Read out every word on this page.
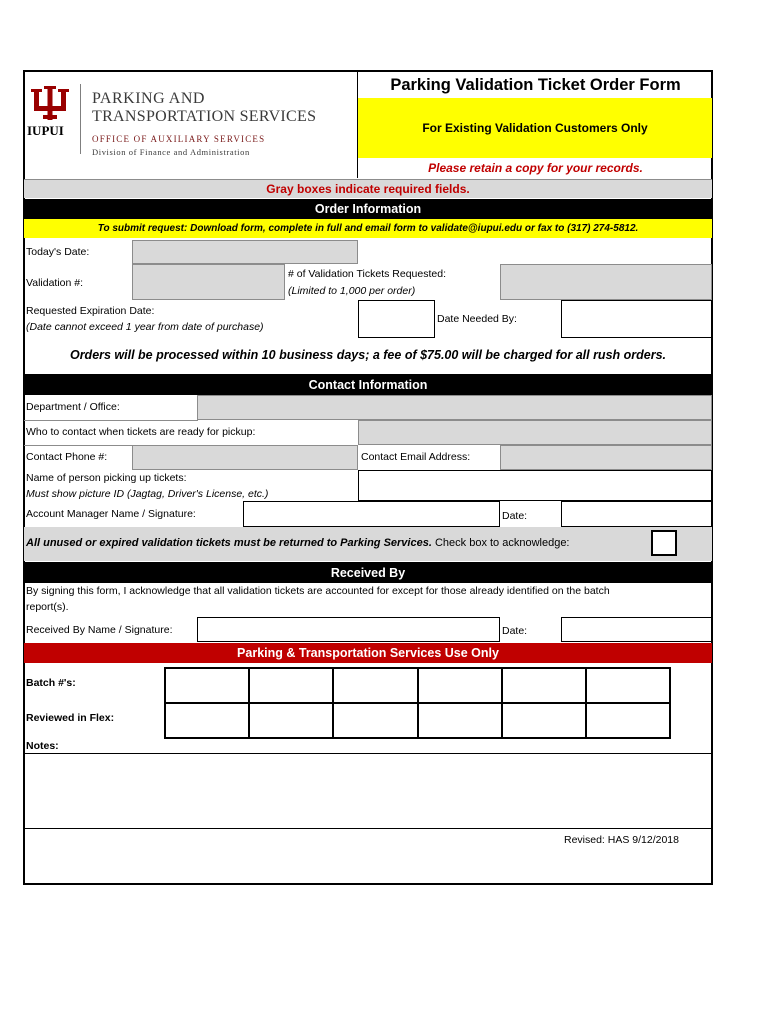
IUPUI
PARKING AND
TRANSPORTATION SERVICES
OFFICE OF AUXILIARY SERVICES
Division of Finance and Administration
Parking Validation Ticket Order Form
For Existing Validation Customers Only
Please retain a copy for your records.
Gray boxes indicate required fields.
Order Information
To submit request: Download form, complete in full and email form to validate@iupui.edu or fax to (317) 274-5812.
Today's Date:
Validation #:
# of Validation Tickets Requested:
(Limited to 1,000 per order)
Requested Expiration Date:
(Date cannot exceed 1 year from date of purchase)
Date Needed By:
Orders will be processed within 10 business days; a fee of $75.00 will be charged for all rush orders.
Contact Information
Department / Office:
Who to contact when tickets are ready for pickup:
Contact Phone #:	Contact Email Address:
Name of person picking up tickets:
Must show picture ID (Jagtag, Driver's License, etc.)
Account Manager Name / Signature:	Date:
All unused or expired validation tickets must be returned to Parking Services. Check box to acknowledge:
Received By
By signing this form, I acknowledge that all validation tickets are accounted for except for those already identified on the batch
report(s).
Received By Name / Signature:	Date:
Parking & Transportation Services Use Only
Batch #'s:
Reviewed in Flex:
Notes:
Revised: HAS 9/12/2018
